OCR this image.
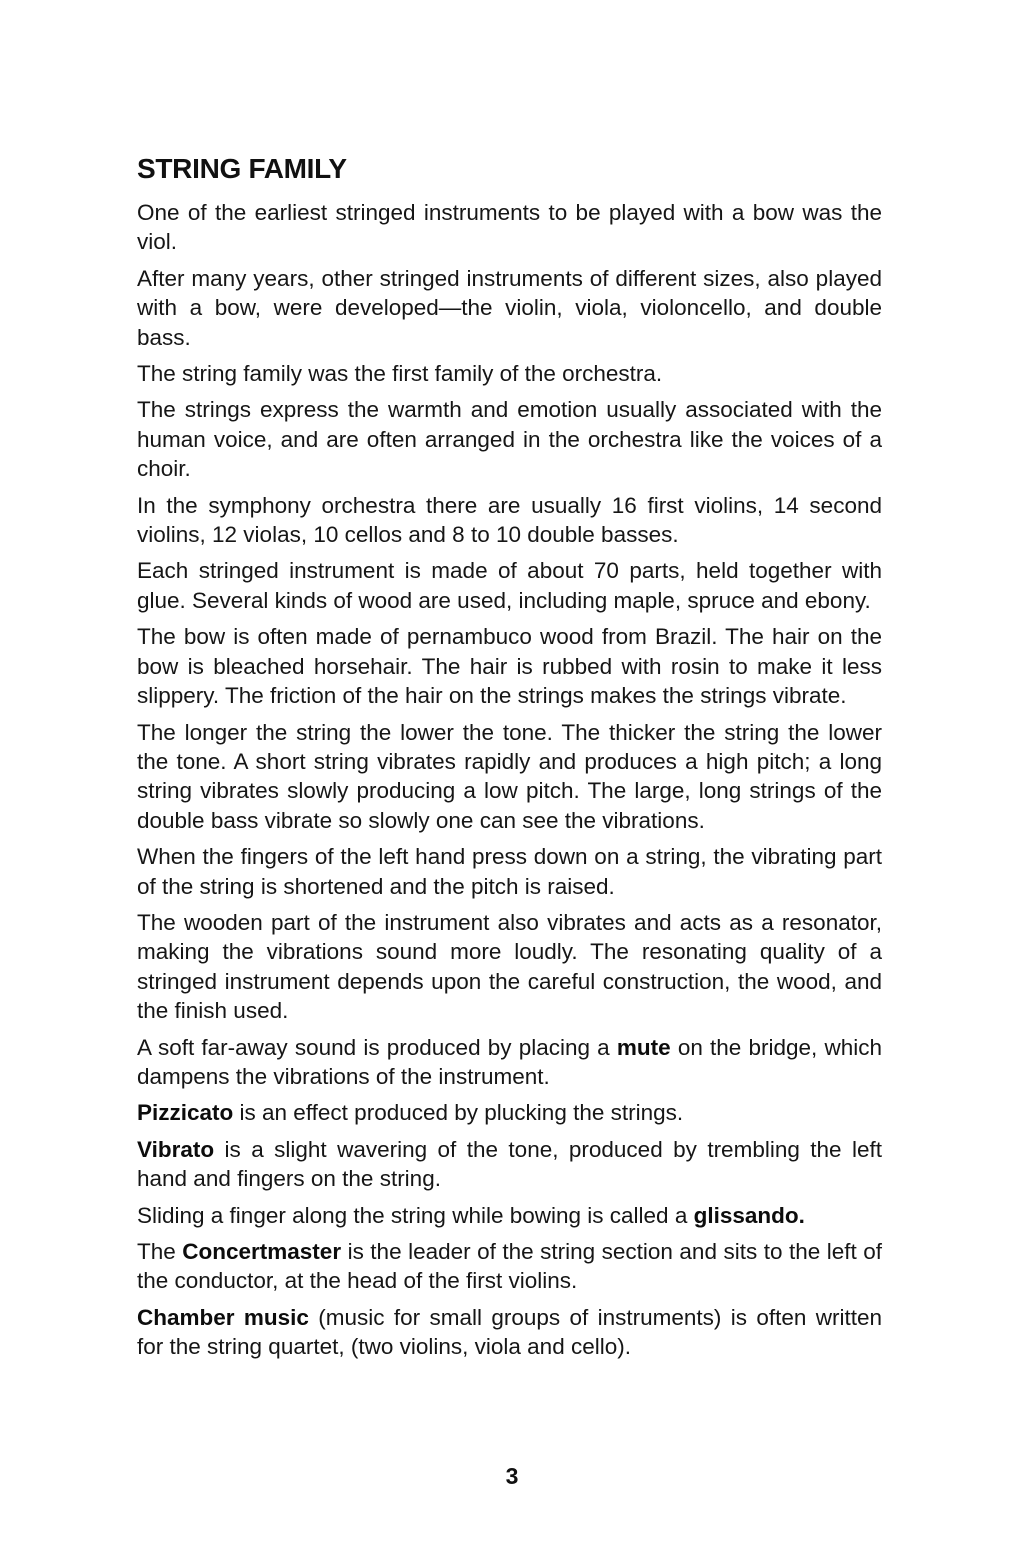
STRING FAMILY

One of the earliest stringed instruments to be played with a bow was the viol.

After many years, other stringed instruments of different sizes, also played with a bow, were developed—the violin, viola, violoncello, and double bass.

The string family was the first family of the orchestra.

The strings express the warmth and emotion usually associated with the human voice, and are often arranged in the orchestra like the voices of a choir.

In the symphony orchestra there are usually 16 first violins, 14 second violins, 12 violas, 10 cellos and 8 to 10 double basses.

Each stringed instrument is made of about 70 parts, held together with glue. Several kinds of wood are used, including maple, spruce and ebony.

The bow is often made of pernambuco wood from Brazil. The hair on the bow is bleached horsehair. The hair is rubbed with rosin to make it less slippery. The friction of the hair on the strings makes the strings vibrate.

The longer the string the lower the tone. The thicker the string the lower the tone. A short string vibrates rapidly and produces a high pitch; a long string vibrates slowly producing a low pitch. The large, long strings of the double bass vibrate so slowly one can see the vibrations.

When the fingers of the left hand press down on a string, the vibrating part of the string is shortened and the pitch is raised.

The wooden part of the instrument also vibrates and acts as a resonator, making the vibrations sound more loudly. The resonating quality of a stringed instrument depends upon the careful construction, the wood, and the finish used.

A soft far-away sound is produced by placing a mute on the bridge, which dampens the vibrations of the instrument.

Pizzicato is an effect produced by plucking the strings.

Vibrato is a slight wavering of the tone, produced by trembling the left hand and fingers on the string.

Sliding a finger along the string while bowing is called a glissando.

The Concertmaster is the leader of the string section and sits to the left of the conductor, at the head of the first violins.

Chamber music (music for small groups of instruments) is often written for the string quartet, (two violins, viola and cello).

3
